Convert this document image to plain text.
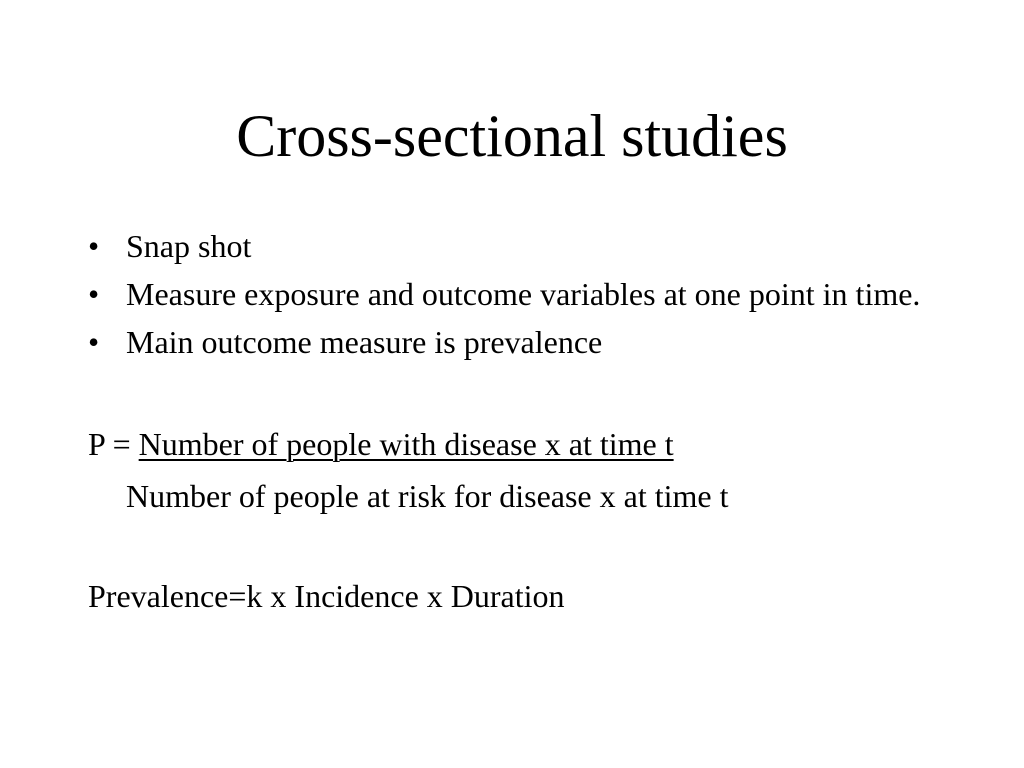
Cross-sectional studies
• Snap shot
• Measure exposure and outcome variables at one point in time.
• Main outcome measure is prevalence
P = Number of people with disease x at time t
Number of people at risk for disease x at time t
Prevalence=k x Incidence x Duration
